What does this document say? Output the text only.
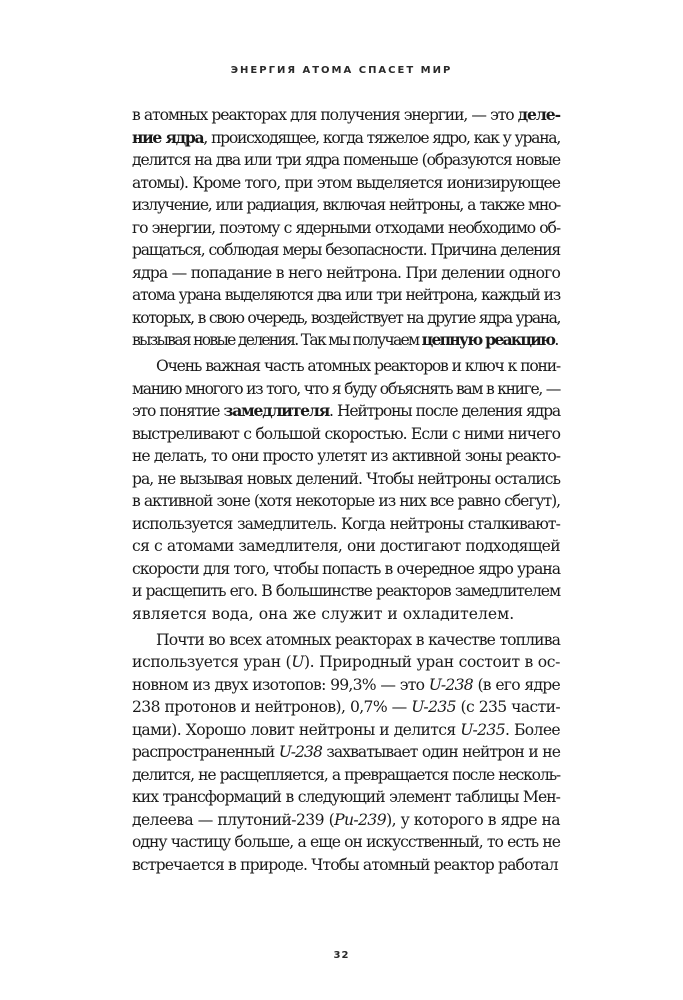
ЭНЕРГИЯ АТОМА СПАСЕТ МИР
в атомных реакторах для получения энергии, — это деле-
ние ядра, происходящее, когда тяжелое ядро, как у урана,
делится на два или три ядра поменьше (образуются новые
атомы). Кроме того, при этом выделяется ионизирующее
излучение, или радиация, включая нейтроны, а также мно-
го энергии, поэтому с ядерными отходами необходимо об-
ращаться, соблюдая меры безопасности. Причина деления
ядра — попадание в него нейтрона. При делении одного
атома урана выделяются два или три нейтрона, каждый из
которых, в свою очередь, воздействует на другие ядра урана,
вызывая новые деления. Так мы получаем цепную реакцию.
Очень важная часть атомных реакторов и ключ к пони-
манию многого из того, что я буду объяснять вам в книге, —
это понятие замедлителя. Нейтроны после деления ядра
выстреливают с большой скоростью. Если с ними ничего
не делать, то они просто улетят из активной зоны реакто-
ра, не вызывая новых делений. Чтобы нейтроны остались
в активной зоне (хотя некоторые из них все равно сбегут),
используется замедлитель. Когда нейтроны сталкивают-
ся с атомами замедлителя, они достигают подходящей
скорости для того, чтобы попасть в очередное ядро урана
и расщепить его. В большинстве реакторов замедлителем
является вода, она же служит и охладителем.
Почти во всех атомных реакторах в качестве топлива
используется уран (U). Природный уран состоит в ос-
новном из двух изотопов: 99,3% — это U-238 (в его ядре
238 протонов и нейтронов), 0,7% — U-235 (с 235 части-
цами). Хорошо ловит нейтроны и делится U-235. Более
распространенный U-238 захватывает один нейтрон и не
делится, не расщепляется, а превращается после несколь-
ких трансформаций в следующий элемент таблицы Мен-
делеева — плутоний-239 (Pu-239), у которого в ядре на
одну частицу больше, а еще он искусственный, то есть не
встречается в природе. Чтобы атомный реактор работал
32
